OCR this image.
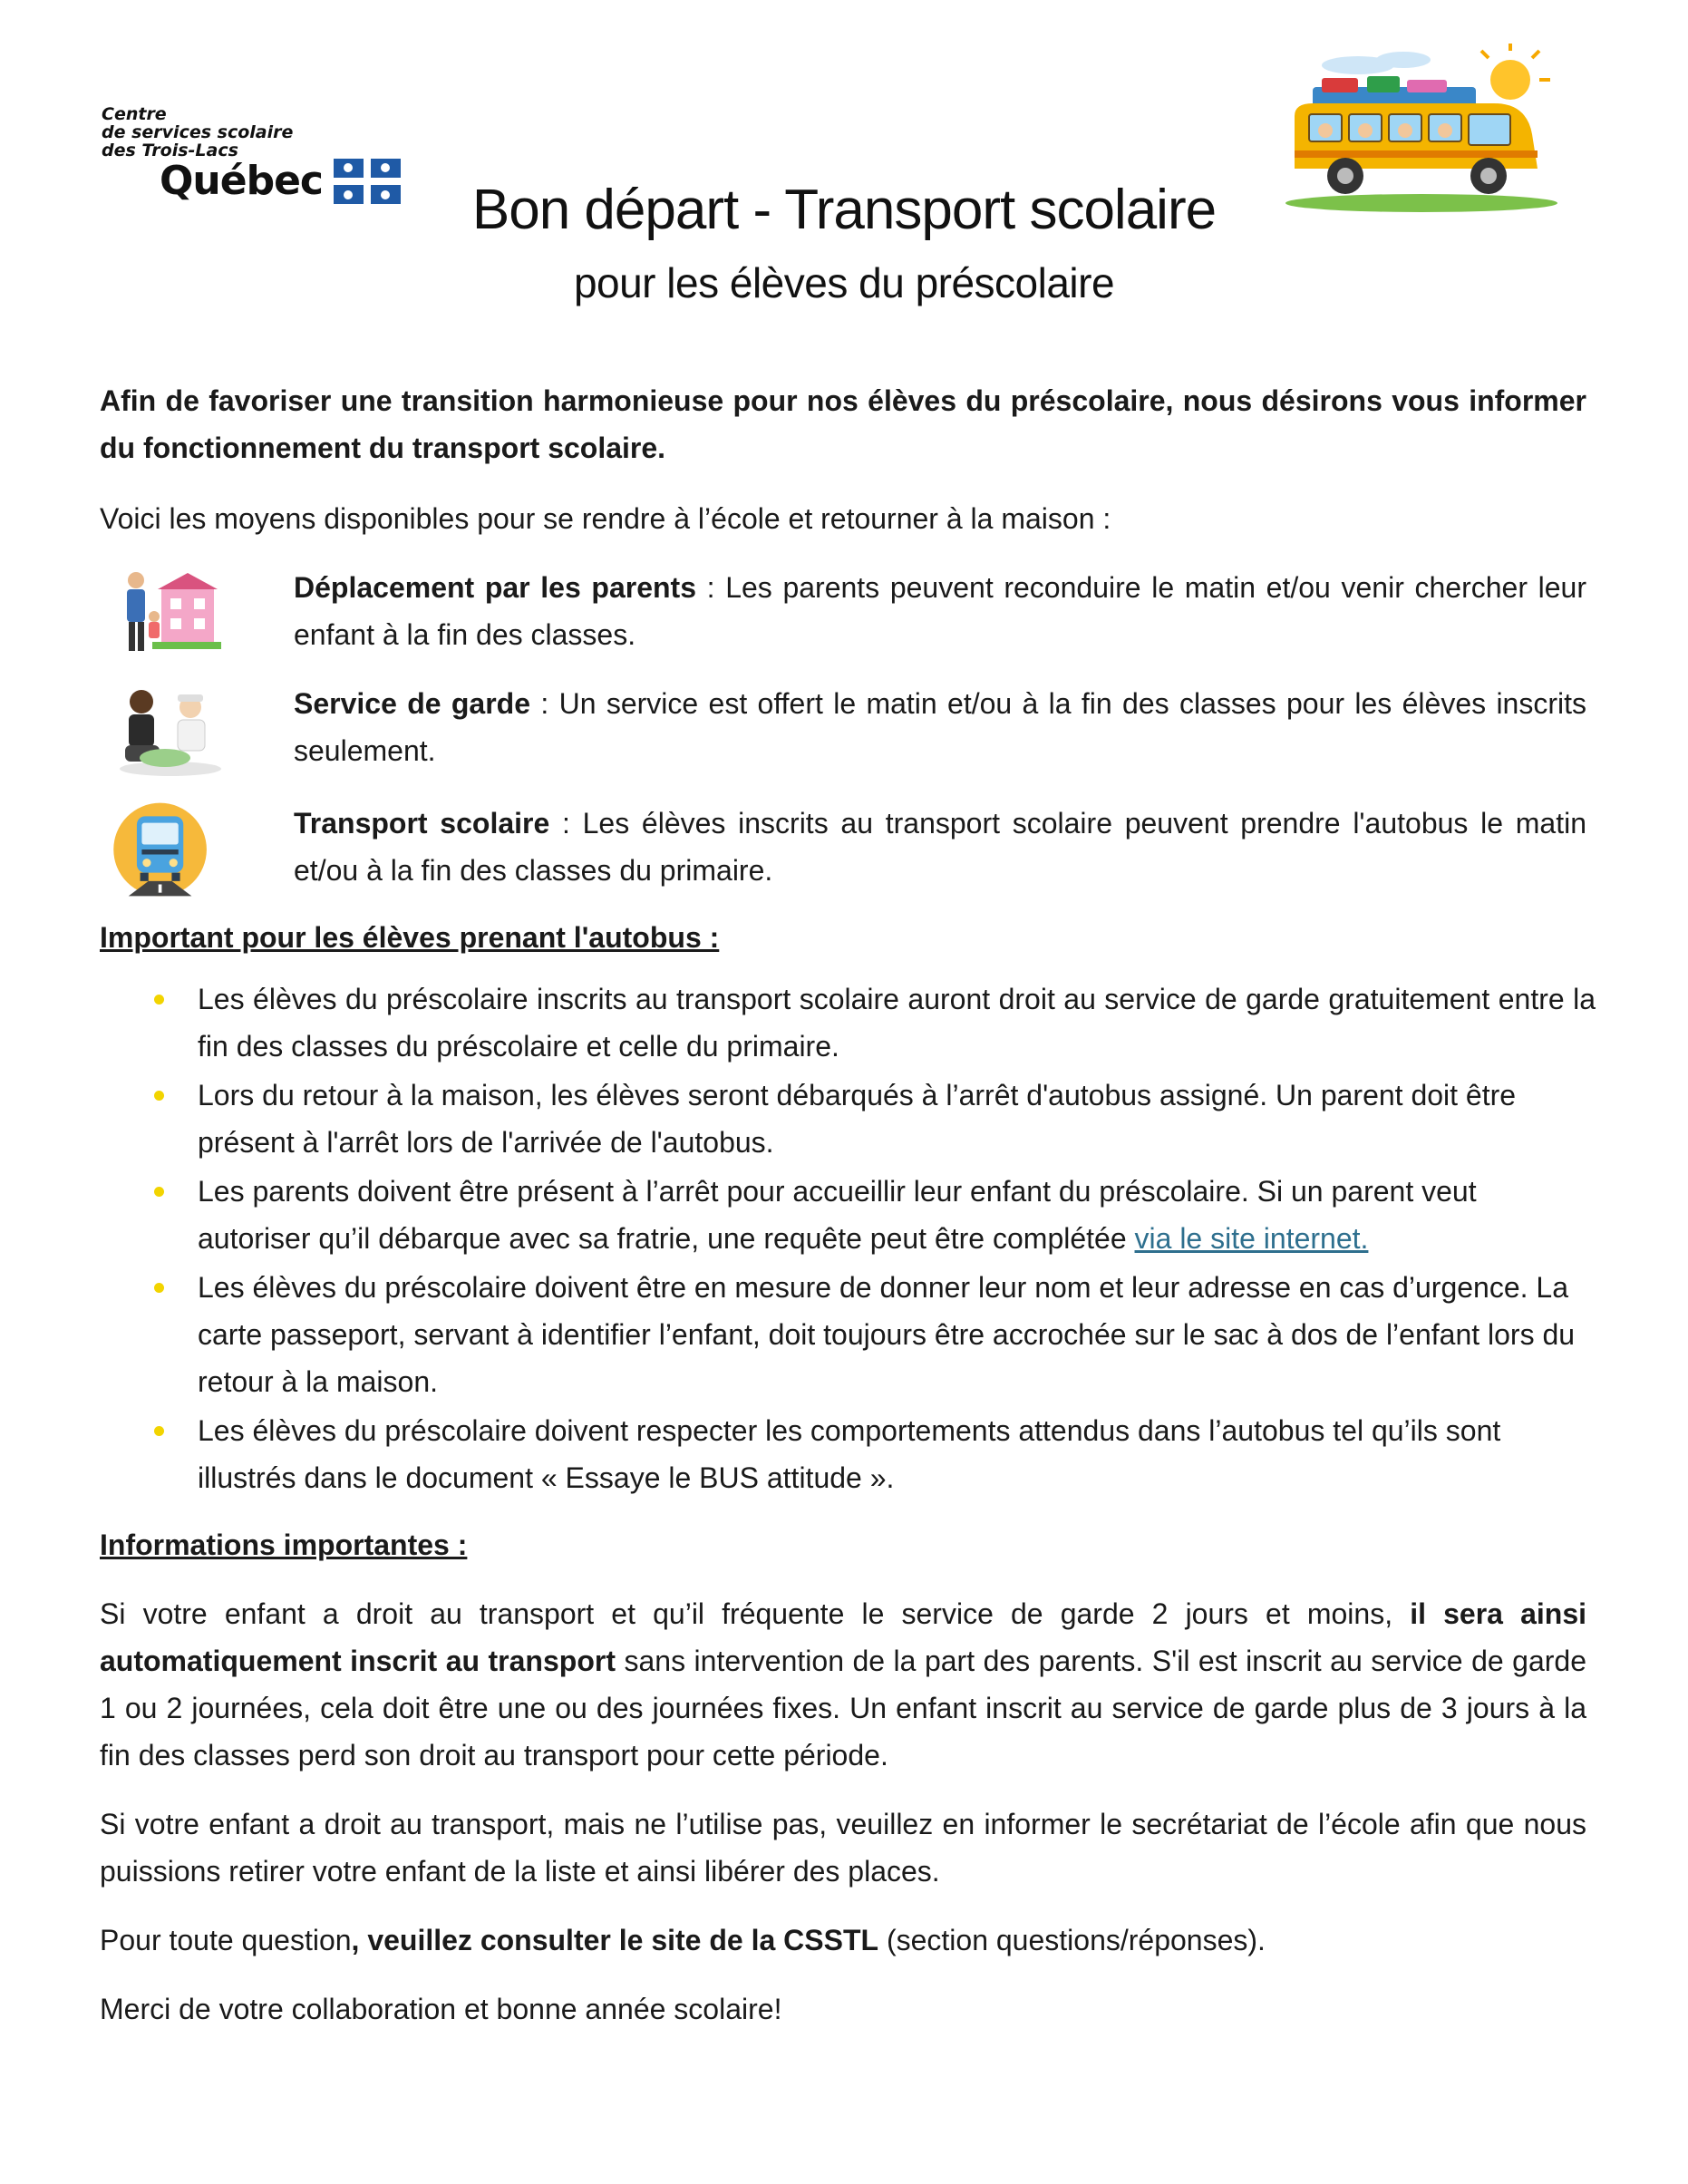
Centre
de services scolaire
des Trois-Lacs
Québec	Bon départ - Transport scolaire
pour les élèves du préscolaire
Afin de favoriser une transition harmonieuse pour nos élèves du préscolaire, nous désirons vous informer du fonctionnement du transport scolaire.
Voici les moyens disponibles pour se rendre à l’école et retourner à la maison :
Déplacement par les parents : Les parents peuvent reconduire le matin et/ou venir chercher leur enfant à la fin des classes.
Service de garde : Un service est offert le matin et/ou à la fin des classes pour les élèves inscrits seulement.
Transport scolaire : Les élèves inscrits au transport scolaire peuvent prendre l'autobus le matin et/ou à la fin des classes du primaire.
Important pour les élèves prenant l'autobus :
Les élèves du préscolaire inscrits au transport scolaire auront droit au service de garde gratuitement entre la fin des classes du préscolaire et celle du primaire.
Lors du retour à la maison, les élèves seront débarqués à l’arrêt d'autobus assigné. Un parent doit être présent à l'arrêt lors de l'arrivée de l'autobus.
Les parents doivent être présent à l’arrêt pour accueillir leur enfant du préscolaire. Si un parent veut autoriser qu’il débarque avec sa fratrie, une requête peut être complétée via le site internet.
Les élèves du préscolaire doivent être en mesure de donner leur nom et leur adresse en cas d’urgence. La carte passeport, servant à identifier l’enfant, doit toujours être accrochée sur le sac à dos de l’enfant lors du retour à la maison.
Les élèves du préscolaire doivent respecter les comportements attendus dans l’autobus tel qu’ils sont illustrés dans le document « Essaye le BUS attitude ».
Informations importantes :
Si votre enfant a droit au transport et qu’il fréquente le service de garde 2 jours et moins, il sera ainsi automatiquement inscrit au transport sans intervention de la part des parents. S'il est inscrit au service de garde 1 ou 2 journées, cela doit être une ou des journées fixes. Un enfant inscrit au service de garde plus de 3 jours à la fin des classes perd son droit au transport pour cette période.
Si votre enfant a droit au transport, mais ne l’utilise pas, veuillez en informer le secrétariat de l’école afin que nous puissions retirer votre enfant de la liste et ainsi libérer des places.
Pour toute question, veuillez consulter le site de la CSSTL (section questions/réponses).
Merci de votre collaboration et bonne année scolaire!
